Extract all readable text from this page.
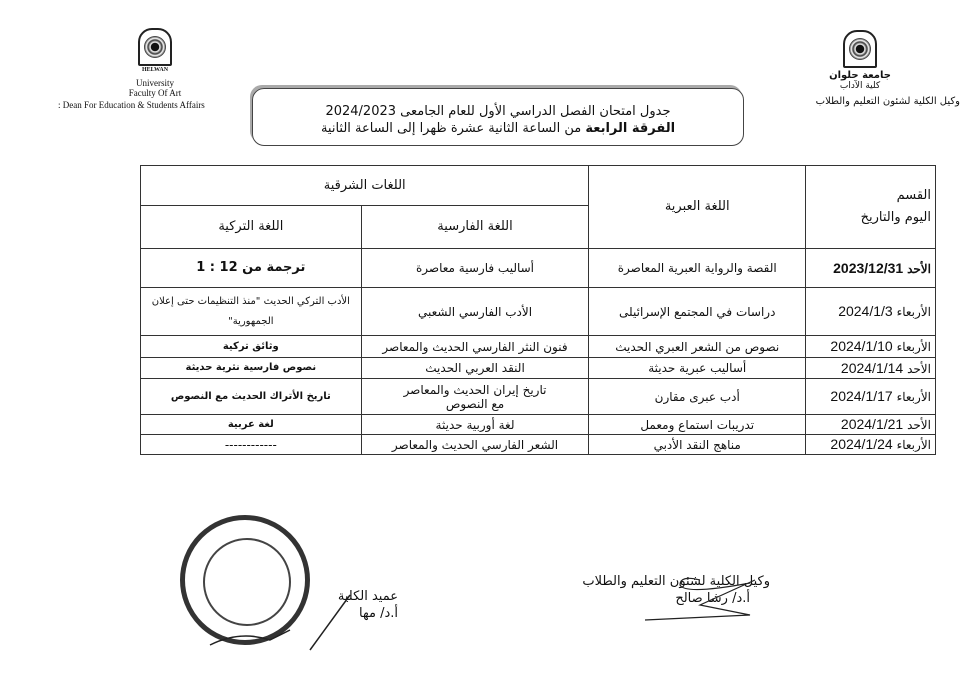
HELWAN
University
Faculty Of Art
: Dean For Education & Students Affairs
جامعة حلوان
كلية الآداب
وكيل الكلية لشئون التعليم والطلاب
جدول امتحان الفصل الدراسي الأول للعام الجامعى 2024/2023
الفرقة الرابعة من الساعة الثانية عشرة ظهرا إلى الساعة الثانية
القسم
اليوم والتاريخ	اللغة العبرية	اللغات الشرقية	
		اللغة الفارسية	اللغة التركية
الأحد 2023/12/31	القصة والرواية العبرية المعاصرة	أساليب فارسية معاصرة	ترجمة من 12 : 1
الأربعاء 2024/1/3	دراسات في المجتمع الإسرائيلى	الأدب الفارسي الشعبي	الأدب التركي الحديث "منذ التنظيمات حتى إعلان الجمهورية"
الأربعاء 2024/1/10	نصوص من الشعر العبري الحديث	فنون النثر الفارسي الحديث والمعاصر	وثائق تركية
الأحد 2024/1/14	أساليب عبرية حديثة	النقد العربي الحديث	نصوص فارسية نثرية حديثة
الأربعاء 2024/1/17	أدب عبرى مقارن	تاريخ إيران الحديث والمعاصر مع النصوص	تاريخ الأتراك الحديث مع النصوص
الأحد 2024/1/21	تدريبات استماع ومعمل	لغة أوربية حديثة	لغة عربية
الأربعاء 2024/1/24	مناهج النقد الأدبي	الشعر الفارسي الحديث والمعاصر	------------
وكيل الكلية لشئون التعليم والطلاب
أ.د/ رشا صالح
عميد الكلية
أ.د/ مها
